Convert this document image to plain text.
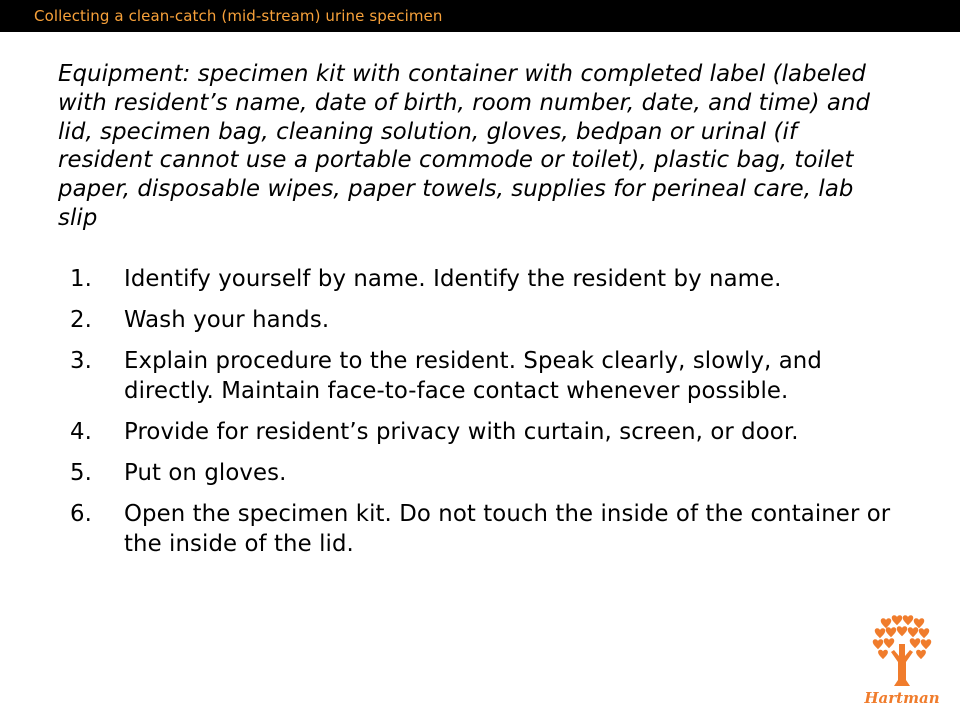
Collecting a clean-catch (mid-stream) urine specimen

Equipment: specimen kit with container with completed label (labeled with resident’s name, date of birth, room number, date, and time) and lid, specimen bag, cleaning solution, gloves, bedpan or urinal (if resident cannot use a portable commode or toilet), plastic bag, toilet paper, disposable wipes, paper towels, supplies for perineal care, lab slip

1. Identify yourself by name. Identify the resident by name.
2. Wash your hands.
3. Explain procedure to the resident. Speak clearly, slowly, and directly. Maintain face-to-face contact whenever possible.
4. Provide for resident’s privacy with curtain, screen, or door.
5. Put on gloves.
6. Open the specimen kit. Do not touch the inside of the container or the inside of the lid.
Hartman
